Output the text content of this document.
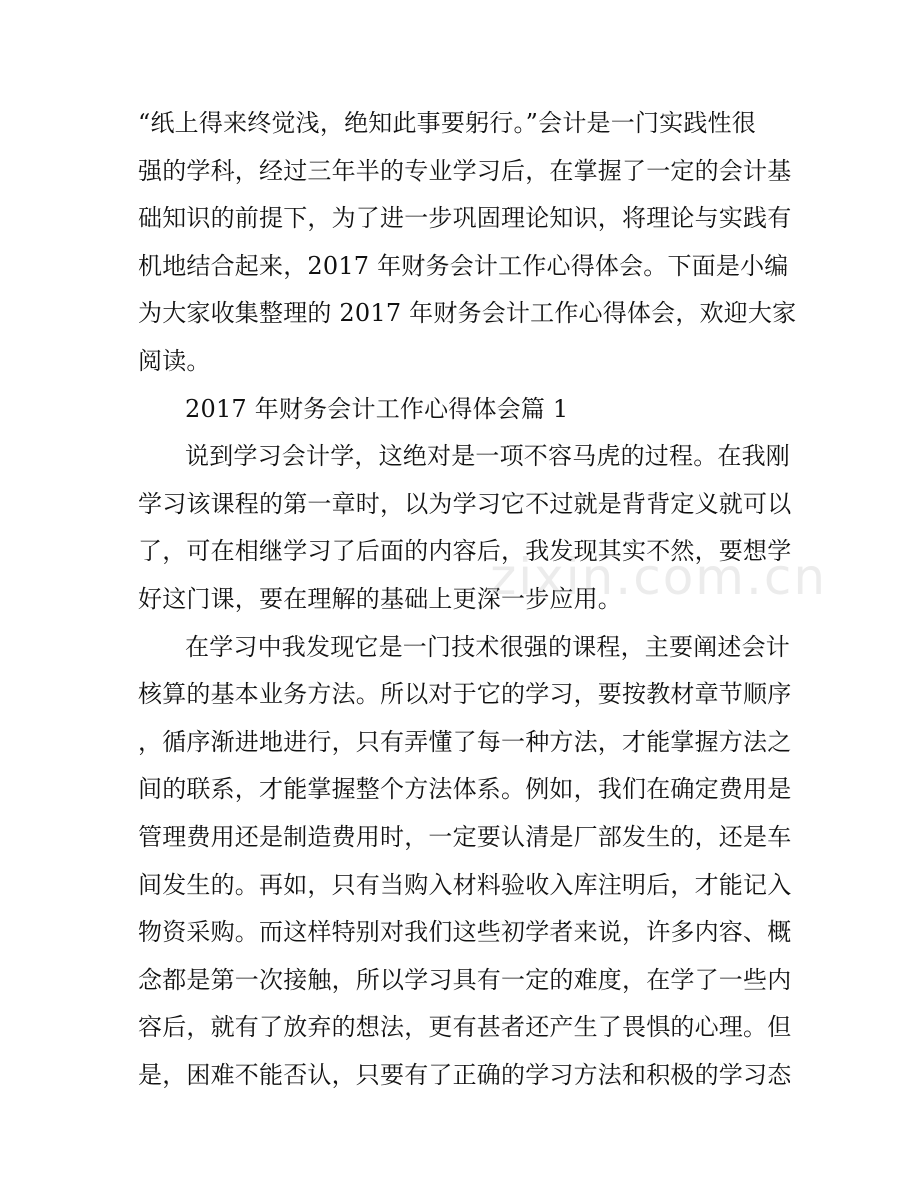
“纸上得来终觉浅，绝知此事要躬行。”会计是一门实践性很
强的学科，经过三年半的专业学习后，在掌握了一定的会计基
础知识的前提下，为了进一步巩固理论知识，将理论与实践有
机地结合起来，2017 年财务会计工作心得体会。下面是小编
为大家收集整理的 2017 年财务会计工作心得体会，欢迎大家
阅读。
2017 年财务会计工作心得体会篇 1
说到学习会计学，这绝对是一项不容马虎的过程。在我刚
学习该课程的第一章时，以为学习它不过就是背背定义就可以
了，可在相继学习了后面的内容后，我发现其实不然，要想学
好这门课，要在理解的基础上更深一步应用。
在学习中我发现它是一门技术很强的课程，主要阐述会计
核算的基本业务方法。所以对于它的学习，要按教材章节顺序
，循序渐进地进行，只有弄懂了每一种方法，才能掌握方法之
间的联系，才能掌握整个方法体系。例如，我们在确定费用是
管理费用还是制造费用时，一定要认清是厂部发生的，还是车
间发生的。再如，只有当购入材料验收入库注明后，才能记入
物资采购。而这样特别对我们这些初学者来说，许多内容、概
念都是第一次接触，所以学习具有一定的难度，在学了一些内
容后，就有了放弃的想法，更有甚者还产生了畏惧的心理。但
是，困难不能否认，只要有了正确的学习方法和积极的学习态
zixin.com.cn
